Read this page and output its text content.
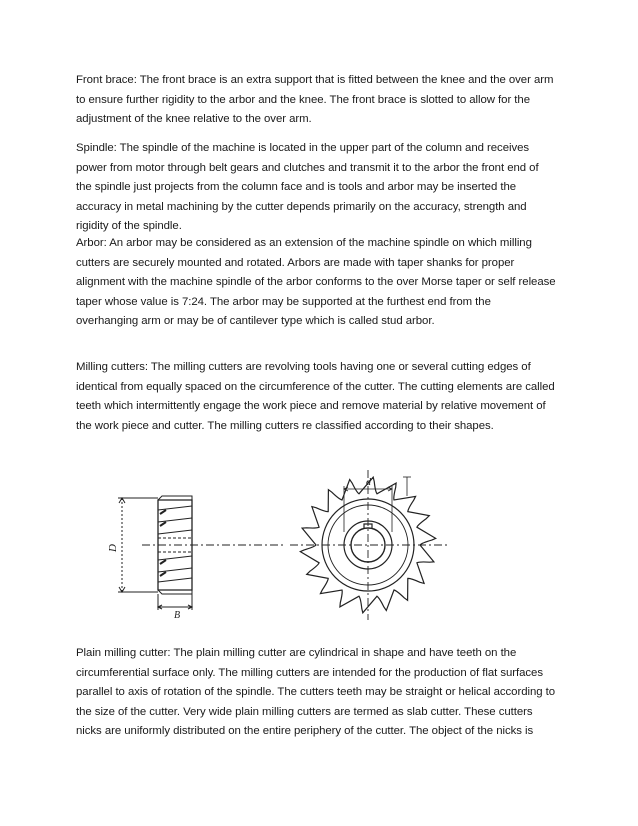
Front brace: The front brace is an extra support that is fitted between the knee and the over arm to ensure further rigidity to the arbor and the knee. The front brace is slotted to allow for the adjustment of the knee relative to the over arm.

Spindle: The spindle of the machine is located in the upper part of the column and receives power from motor through belt gears and clutches and transmit it to the arbor the front end of the spindle just projects from the column face and is tools and arbor may be inserted the accuracy in metal machining by the cutter depends primarily on the accuracy, strength and rigidity of the spindle.

Arbor: An arbor may be considered as an extension of the machine spindle on which milling cutters are securely mounted and rotated. Arbors are made with taper shanks for proper alignment with the machine spindle of the arbor conforms to the over Morse taper or self release taper whose value is 7:24. The arbor may be supported at the furthest end from the overhanging arm or may be of cantilever type which is called stud arbor.

Milling cutters: The milling cutters are revolving tools having one or several cutting edges of identical from equally spaced on the circumference of the cutter. The cutting elements are called teeth which intermittently engage the work piece and remove material by relative movement of the work piece and cutter. The milling cutters re classified according to their shapes.

D
B
d

Plain milling cutter: The plain milling cutter are cylindrical in shape and have teeth on the circumferential surface only. The milling cutters are intended for the production of flat surfaces parallel to axis of rotation of the spindle. The cutters teeth may be straight or helical according to the size of the cutter. Very wide plain milling cutters are termed as slab cutter. These cutters nicks are uniformly distributed on the entire periphery of the cutter. The object of the nicks is
